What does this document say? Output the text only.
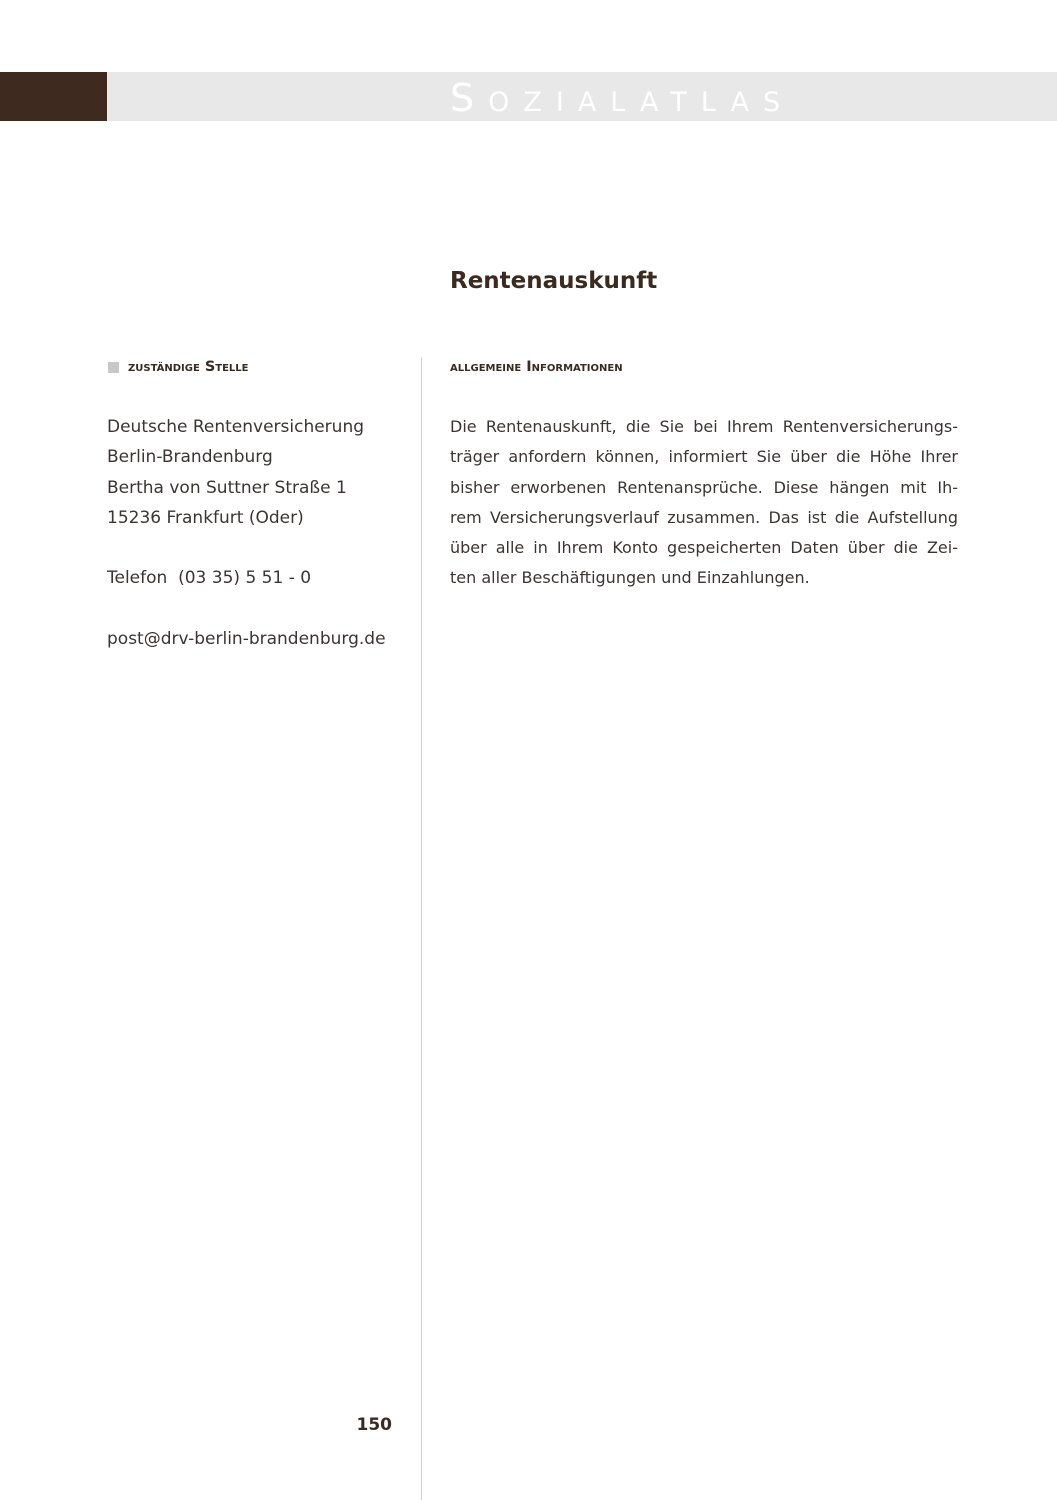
Sozialatlas
Rentenauskunft
zuständige Stelle	allgemeine Informationen
Deutsche Rentenversicherung
Berlin-Brandenburg
Bertha von Suttner Straße 1
15236 Frankfurt (Oder)
Telefon  (03 35) 5 51 - 0
post@drv-berlin-brandenburg.de
Die Rentenauskunft, die Sie bei Ihrem Rentenversicherungs-
träger anfordern können, informiert Sie über die Höhe Ihrer
bisher erworbenen Rentenansprüche. Diese hängen mit Ih-
rem Versicherungsverlauf zusammen. Das ist die Aufstellung
über alle in Ihrem Konto gespeicherten Daten über die Zei-
ten aller Beschäftigungen und Einzahlungen.
150
